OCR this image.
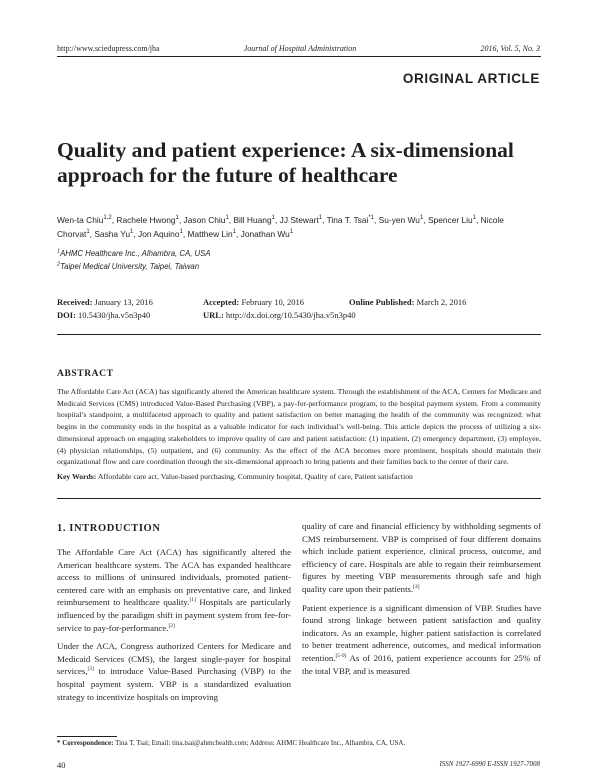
http://www.sciedupress.com/jha	Journal of Hospital Administration	2016, Vol. 5, No. 3
ORIGINAL ARTICLE
Quality and patient experience: A six-dimensional approach for the future of healthcare
Wen-ta Chiu$^{1,2}$, Rachele Hwong$^1$, Jason Chiu$^1$, Bill Huang$^1$, JJ Stewart$^1$, Tina T. Tsai$^{*1}$, Su-yen Wu$^1$, Spencer Liu$^1$, Nicole Chorvat$^1$, Sasha Yu$^1$, Jon Aquino$^1$, Matthew Lin$^1$, Jonathan Wu$^1$
$^1$AHMC Healthcare Inc., Alhambra, CA, USA
$^2$Taipei Medical University, Taipei, Taiwan
Received: January 13, 2016	Accepted: February 10, 2016	Online Published: March 2, 2016
DOI: 10.5430/jha.v5n3p40	URL: http://dx.doi.org/10.5430/jha.v5n3p40
ABSTRACT
The Affordable Care Act (ACA) has significantly altered the American healthcare system. Through the establishment of the ACA, Centers for Medicare and Medicaid Services (CMS) introduced Value-Based Purchasing (VBP), a pay-for-performance program, to the hospital payment system. From a community hospital’s standpoint, a multifaceted approach to quality and patient satisfaction on better managing the health of the community was recognized: what begins in the community ends in the hospital as a valuable indicator for each individual’s well-being. This article depicts the process of utilizing a six-dimensional approach on engaging stakeholders to improve quality of care and patient satisfaction: (1) inpatient, (2) emergency department, (3) employee, (4) physician relationships, (5) outpatient, and (6) community. As the effect of the ACA becomes more prominent, hospitals should maintain their organizational flow and care coordination through the six-dimensional approach to bring patients and their families back to the center of their care.
Key Words: Affordable care act, Value-based purchasing, Community hospital, Quality of care, Patient satisfaction
1. INTRODUCTION

The Affordable Care Act (ACA) has significantly altered the American healthcare system. The ACA has expanded healthcare access to millions of uninsured individuals, promoted patient-centered care with an emphasis on preventative care, and linked reimbursement to healthcare quality.[1] Hospitals are particularly influenced by the paradigm shift in payment system from fee-for-service to pay-for-performance.[2]

Under the ACA, Congress authorized Centers for Medicare and Medicaid Services (CMS), the largest single-payer for hospital services,[3] to introduce Value-Based Purchasing (VBP) to the hospital payment system. VBP is a standardized evaluation strategy to incentivize hospitals on improving

quality of care and financial efficiency by withholding segments of CMS reimbursement. VBP is comprised of four different domains which include patient experience, clinical process, outcome, and efficiency of care. Hospitals are able to regain their reimbursement figures by meeting VBP measurements through safe and high quality care upon their patients.[4]

Patient experience is a significant dimension of VBP. Studies have found strong linkage between patient satisfaction and quality indicators. As an example, higher patient satisfaction is correlated to better treatment adherence, outcomes, and medical information retention.[5-9] As of 2016, patient experience accounts for 25% of the total VBP, and is measured

* Correspondence: Tina T. Tsai; Email: tina.tsai@ahmchealth.com; Address: AHMC Healthcare Inc., Alhambra, CA, USA.
40	ISSN 1927-6990 E-ISSN 1927-7008
